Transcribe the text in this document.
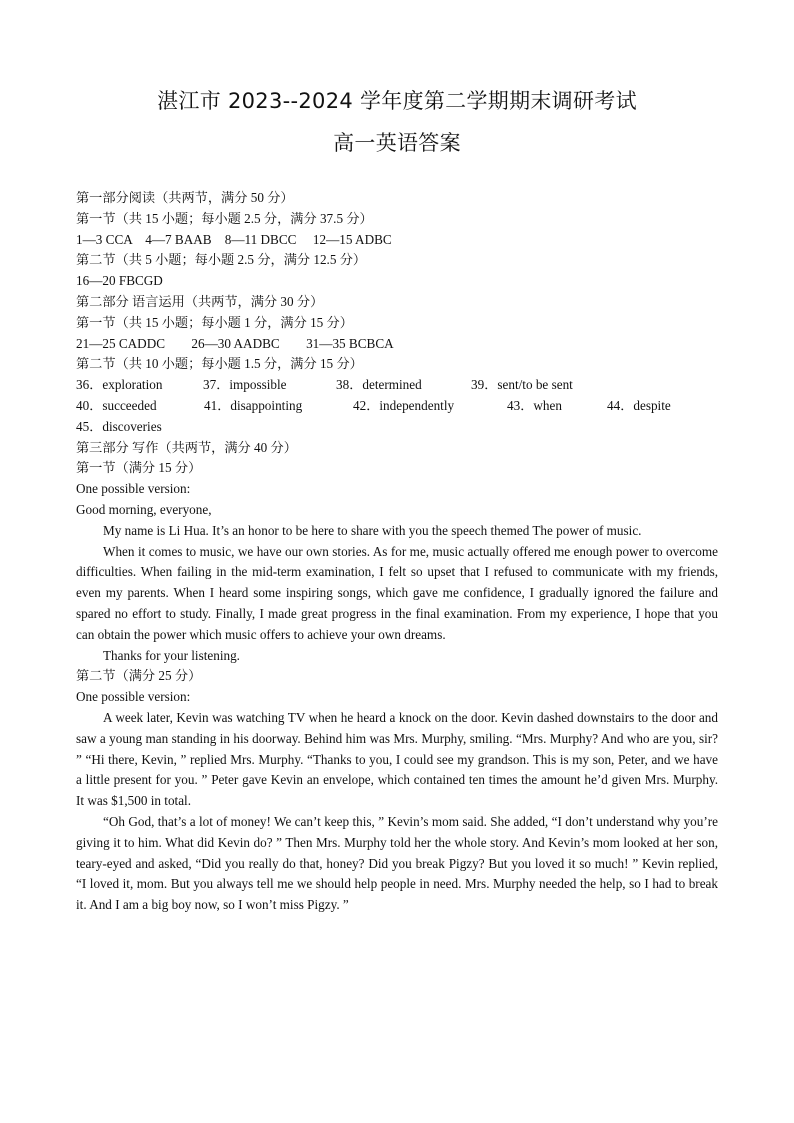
湛江市 2023--2024 学年度第二学期期末调研考试
高一英语答案
第一部分阅读（共两节，满分 50 分）
第一节（共 15 小题；每小题 2.5 分，满分 37.5 分）
1—3 CCA    4—7 BAAB    8—11 DBCC     12—15 ADBC
第二节（共 5 小题；每小题 2.5 分，满分 12.5 分）
16—20 FBCGD
第二部分 语言运用（共两节，满分 30 分）
第一节（共 15 小题；每小题 1 分，满分 15 分）
21—25 CADDC        26—30 AADBC        31—35 BCBCA
第二节（共 10 小题；每小题 1.5 分，满分 15 分）
36．exploration	37．impossible	38．determined	39．sent/to be sent
40．succeeded	41．disappointing	42．independently	43．when	44．despite
45．discoveries
第三部分 写作（共两节，满分 40 分）
第一节（满分 15 分）
One possible version:
Good morning, everyone,
My name is Li Hua. It’s an honor to be here to share with you the speech themed The power of music.
When it comes to music, we have our own stories. As for me, music actually offered me enough power to overcome difficulties. When failing in the mid-term examination, I felt so upset that I refused to communicate with my friends, even my parents. When I heard some inspiring songs, which gave me confidence, I gradually ignored the failure and spared no effort to study. Finally, I made great progress in the final examination. From my experience, I hope that you can obtain the power which music offers to achieve your own dreams.
Thanks for your listening.
第二节（满分 25 分）
One possible version:
A week later, Kevin was watching TV when he heard a knock on the door. Kevin dashed downstairs to the door and saw a young man standing in his doorway. Behind him was Mrs. Murphy, smiling. “Mrs. Murphy? And who are you, sir? ” “Hi there, Kevin, ” replied Mrs. Murphy. “Thanks to you, I could see my grandson. This is my son, Peter, and we have a little present for you. ” Peter gave Kevin an envelope, which contained ten times the amount he’d given Mrs. Murphy. It was $1,500 in total.
“Oh God, that’s a lot of money! We can’t keep this, ” Kevin’s mom said. She added, “I don’t understand why you’re giving it to him. What did Kevin do? ” Then Mrs. Murphy told her the whole story. And Kevin’s mom looked at her son, teary-eyed and asked, “Did you really do that, honey? Did you break Pigzy? But you loved it so much! ” Kevin replied, “I loved it, mom. But you always tell me we should help people in need. Mrs. Murphy needed the help, so I had to break it. And I am a big boy now, so I won’t miss Pigzy. ”
